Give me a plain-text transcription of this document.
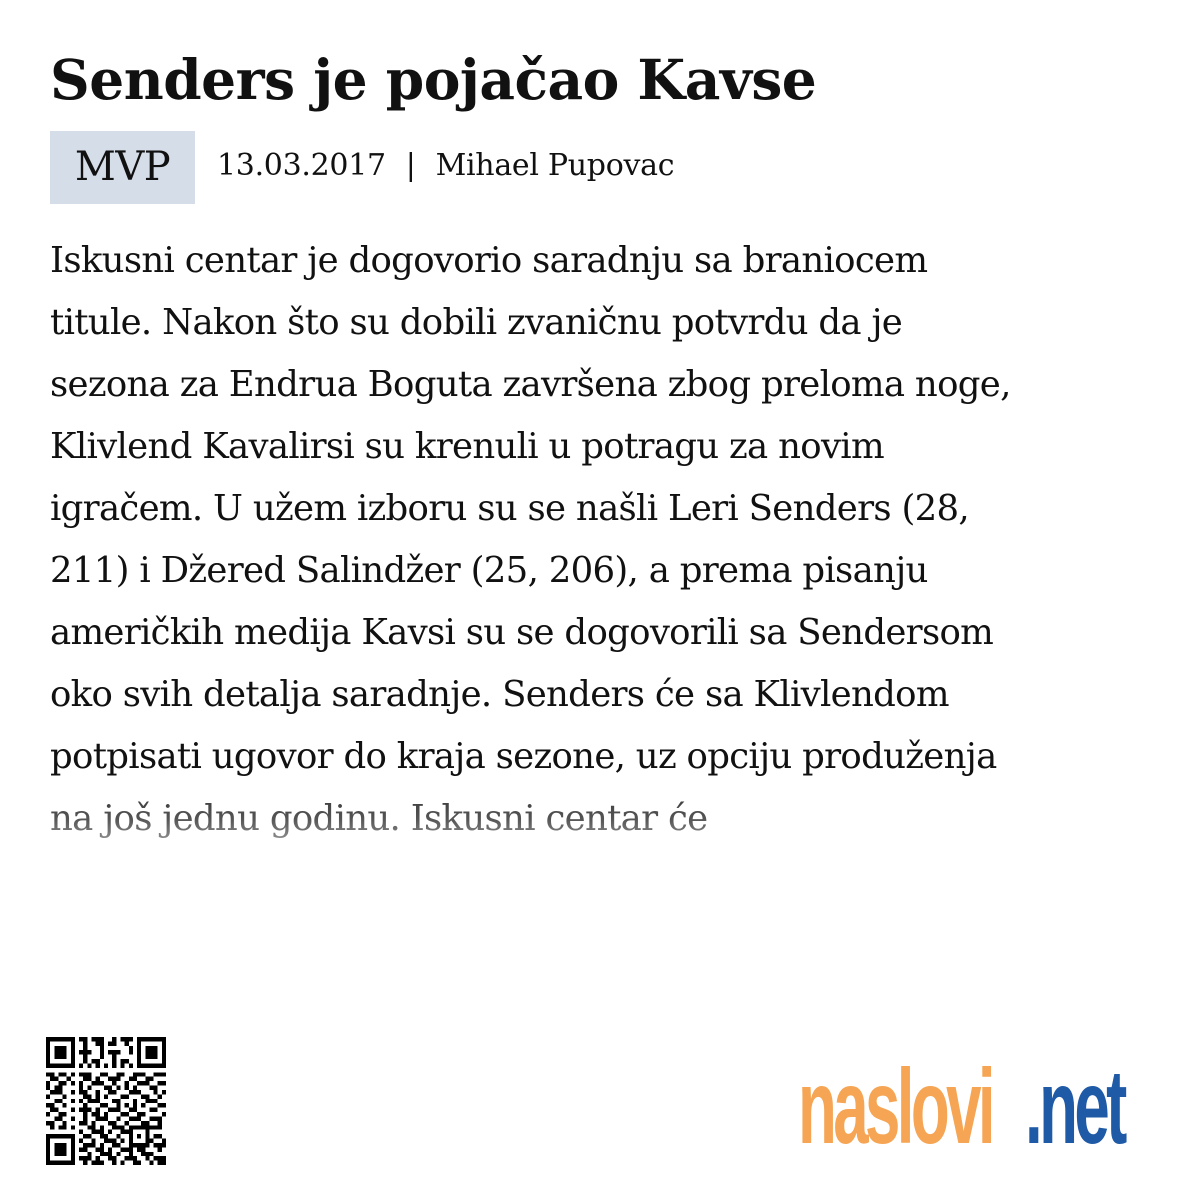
Senders je pojačao Kavse
MVP	13.03.2017 | Mihael Pupovac
Iskusni centar je dogovorio saradnju sa braniocem
titule. Nakon što su dobili zvaničnu potvrdu da je
sezona za Endrua Boguta završena zbog preloma noge,
Klivlend Kavalirsi su krenuli u potragu za novim
igračem. U užem izboru su se našli Leri Senders (28,
211) i Džered Salindžer (25, 206), a prema pisanju
američkih medija Kavsi su se dogovorili sa Sendersom
oko svih detalja saradnje. Senders će sa Klivlendom
potpisati ugovor do kraja sezone, uz opciju produženja
na još jednu godinu. Iskusni centar će
naslovi .net
